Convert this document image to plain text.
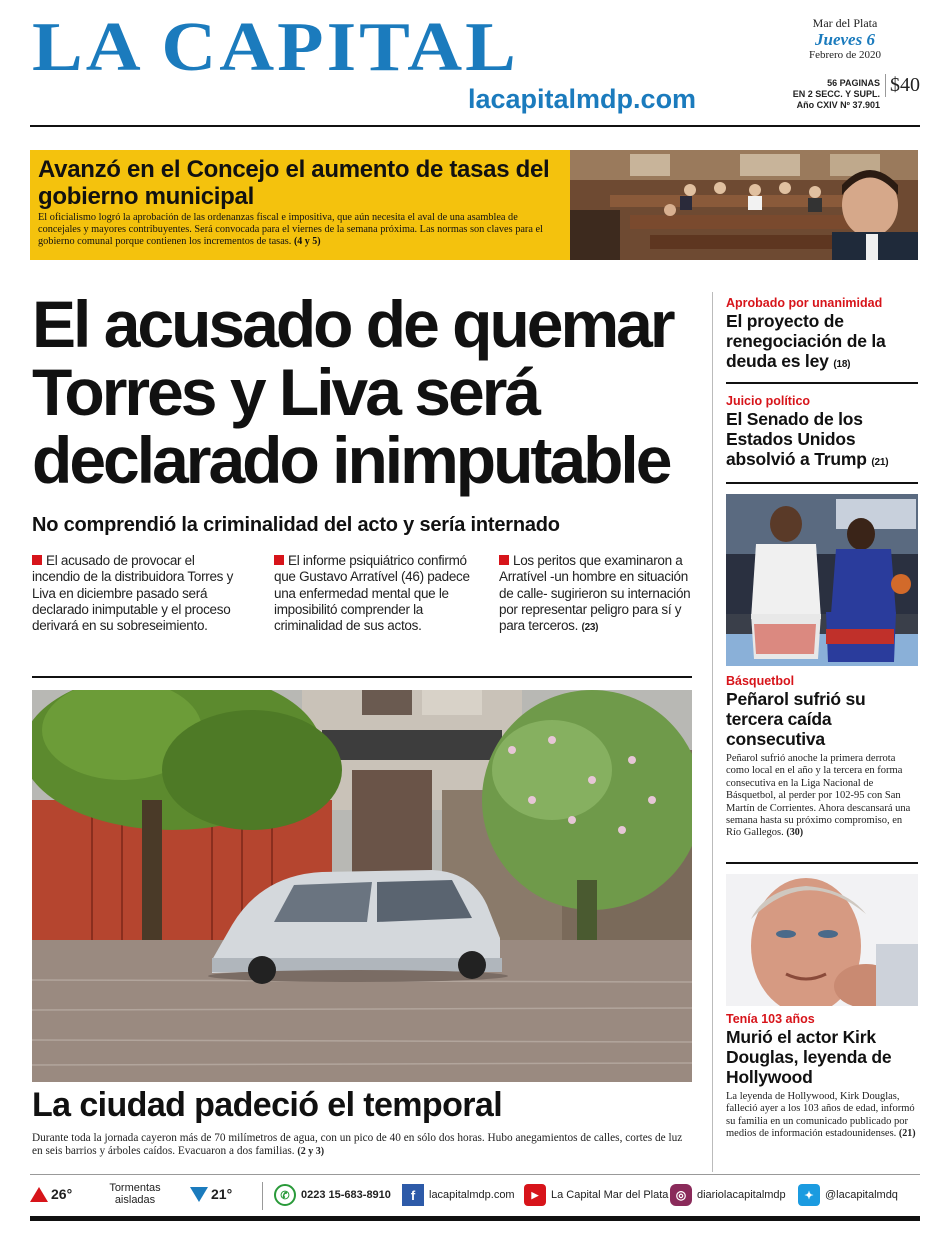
LA CAPITAL
lacapitalmdp.com
Mar del Plata
Jueves 6
Febrero de 2020
56 PAGINAS
EN 2 SECC. Y SUPL.
Año CXIV Nº 37.901
$40
Avanzó en el Concejo el aumento de tasas del gobierno municipal
El oficialismo logró la aprobación de las ordenanzas fiscal e impositiva, que aún necesita el aval de una asamblea de concejales y mayores contribuyentes. Será convocada para el viernes de la semana próxima. Las normas son claves para el gobierno comunal porque contienen los incrementos de tasas. (4 y 5)
El acusado de quemar Torres y Liva será declarado inimputable
No comprendió la criminalidad del acto y sería internado
El acusado de provocar el incendio de la distribuidora Torres y Liva en diciembre pasado será declarado inimputable y el proceso derivará en su sobreseimiento.
El informe psiquiátrico confirmó que Gustavo Arratível (46) padece una enfermedad mental que le imposibilitó comprender la criminalidad de sus actos.
Los peritos que examinaron a Arratível -un hombre en situación de calle- sugirieron su internación por representar peligro para sí y para terceros. (23)
La ciudad padeció el temporal
Durante toda la jornada cayeron más de 70 milímetros de agua, con un pico de 40 en sólo dos horas. Hubo anegamientos de calles, cortes de luz en seis barrios y árboles caídos. Evacuaron a dos familias. (2 y 3)
Aprobado por unanimidad
El proyecto de renegociación de la deuda es ley (18)
Juicio político
El Senado de los Estados Unidos absolvió a Trump (21)
Básquetbol
Peñarol sufrió su tercera caída consecutiva
Peñarol sufrió anoche la primera derrota como local en el año y la tercera en forma consecutiva en la Liga Nacional de Básquetbol, al perder por 102-95 con San Martín de Corrientes. Ahora descansará una semana hasta su próximo compromiso, en Río Gallegos. (30)
Tenía 103 años
Murió el actor Kirk Douglas, leyenda de Hollywood
La leyenda de Hollywood, Kirk Douglas, falleció ayer a los 103 años de edad, informó su familia en un comunicado publicado por medios de información estadounidenses. (21)
26°	Tormentas aisladas	21°	✆	0223 15-683-8910	f	lacapitalmdp.com	▶	La Capital Mar del Plata ◎ diariolacapitalmdp	✦	@lacapitalmdq
